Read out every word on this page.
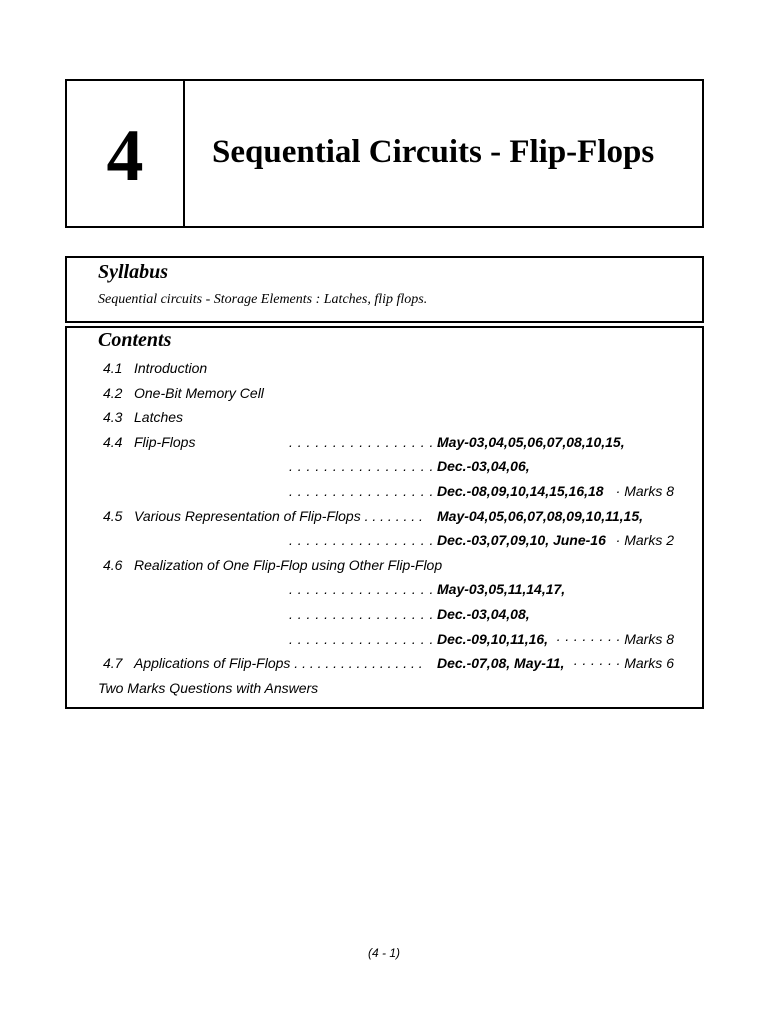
4	Sequential Circuits - Flip-Flops
Syllabus
Sequential circuits - Storage Elements : Latches, flip flops.
Contents
4.1 Introduction
4.2 One-Bit Memory Cell
4.3 Latches
4.4 Flip-Flops	. . . . . . . . . . . . . . . . . .
May-03,04,05,06,07,08,10,15,
. . . . . . . . . . . . . . . . . .
Dec.-03,04,06,
. . . . . . . . . . . . . . . . . .
Dec.-08,09,10,14,15,16,18 · Marks 8
4.5 Various Representation of Flip-Flops . . . . . . . . May-04,05,06,07,08,09,10,11,15,
. . . . . . . . . . . . . . . . . .
Dec.-03,07,09,10, June-16 · Marks 2
4.6 Realization of One Flip-Flop using Other Flip-Flop
. . . . . . . . . . . . . . . . . .
May-03,05,11,14,17,
. . . . . . . . . . . . . . . . . .
Dec.-03,04,08,
. . . . . . . . . . . . . . . . . .
Dec.-09,10,11,16, · · · · · · · · Marks 8
4.7 Applications of Flip-Flops . . . . . . . . . . . . . . . . . Dec.-07,08, May-11, · · · · · · Marks 6
Two Marks Questions with Answers
(4 - 1)
